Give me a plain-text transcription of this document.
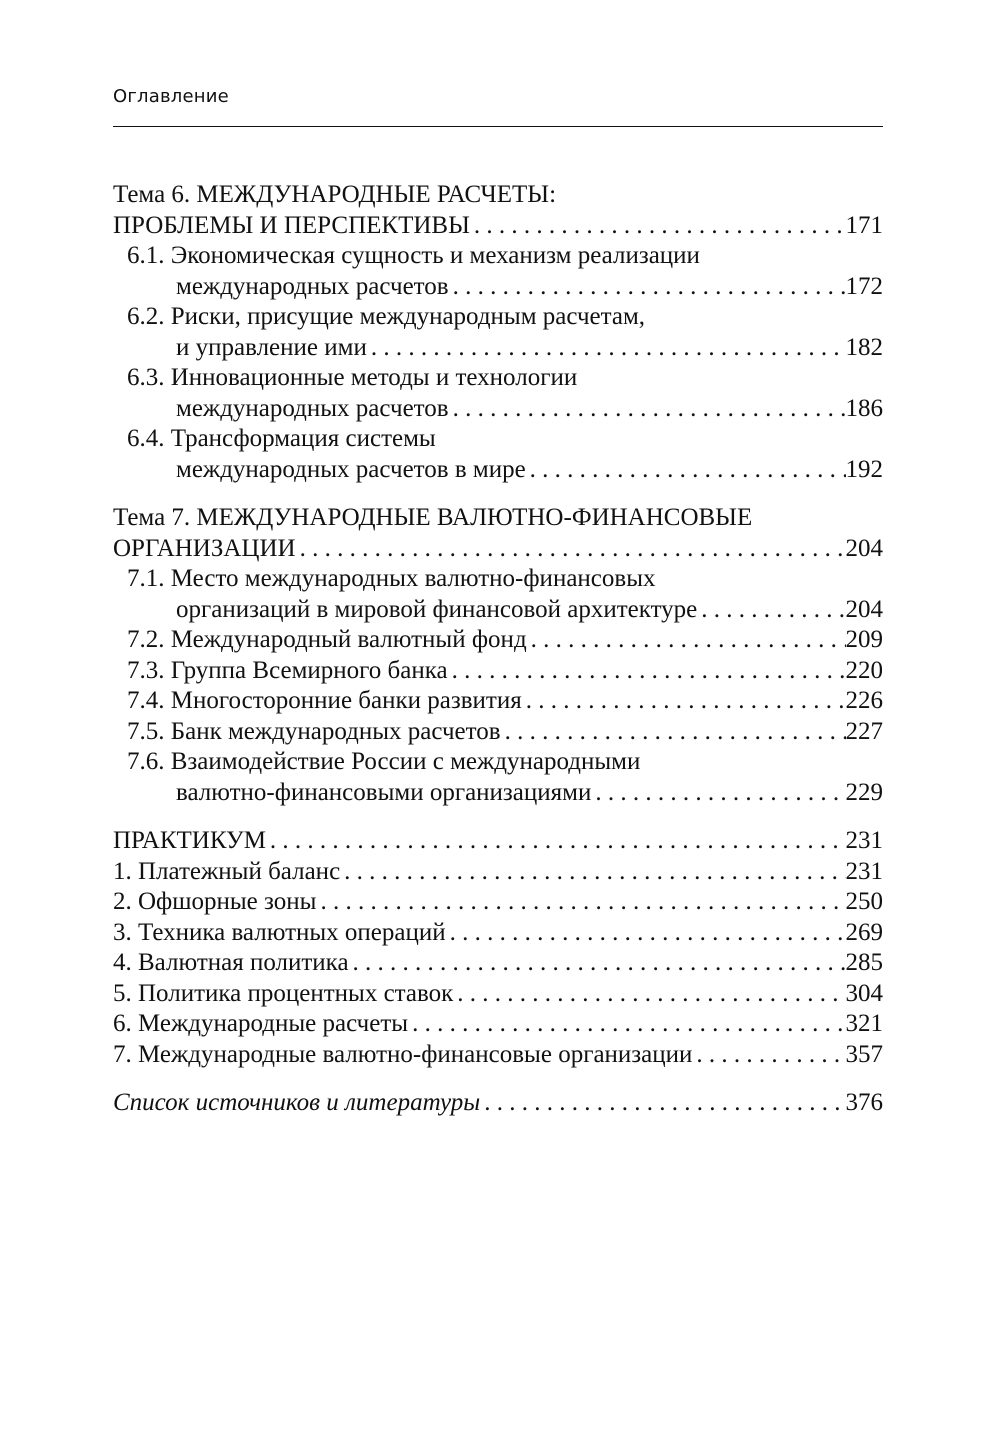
Оглавление
Тема 6. МЕЖДУНАРОДНЫЕ РАСЧЕТЫ:
ПРОБЛЕМЫ И ПЕРСПЕКТИВЫ . . .	171
6.1. Экономическая сущность и механизм реализации
международных расчетов . . .	172
6.2. Риски, присущие международным расчетам,
и управление ими . . .	182
6.3. Инновационные методы и технологии
международных расчетов . . .	186
6.4. Трансформация системы
международных расчетов в мире . . .	192
Тема 7. МЕЖДУНАРОДНЫЕ ВАЛЮТНО-ФИНАНСОВЫЕ
ОРГАНИЗАЦИИ . . .	204
7.1. Место международных валютно-финансовых
организаций в мировой финансовой архитектуре . . .	204
7.2. Международный валютный фонд . . .	209
7.3. Группа Всемирного банка . . .	220
7.4. Многосторонние банки развития . . .	226
7.5. Банк международных расчетов . . .	227
7.6. Взаимодействие России с международными
валютно-финансовыми организациями . . .	229
ПРАКТИКУМ . . .	231
1. Платежный баланс . . .	231
2. Офшорные зоны . . .	250
3. Техника валютных операций . . .	269
4. Валютная политика . . .	285
5. Политика процентных ставок . . .	304
6. Международные расчеты . . .	321
7. Международные валютно-финансовые организации . . .	357
Список источников и литературы . . .	376
